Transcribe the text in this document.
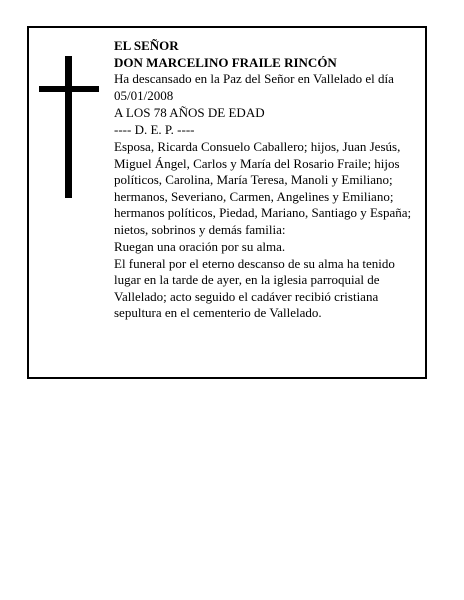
EL SEÑOR

DON MARCELINO FRAILE RINCÓN

Ha descansado en la Paz del Señor en Vallelado el día 05/01/2008

A LOS 78 AÑOS DE EDAD

---- D. E. P. ----

Esposa, Ricarda Consuelo Caballero; hijos, Juan Jesús, Miguel Ángel, Carlos y María del Rosario Fraile; hijos políticos, Carolina, María Teresa, Manoli y Emiliano; hermanos, Severiano, Carmen, Angelines y Emiliano; hermanos políticos, Piedad, Mariano, Santiago y España; nietos, sobrinos y demás familia:

Ruegan una oración por su alma.

El funeral por el eterno descanso de su alma ha tenido lugar en la tarde de ayer, en la iglesia parroquial de Vallelado; acto seguido el cadáver recibió cristiana sepultura en el cementerio de Vallelado.
